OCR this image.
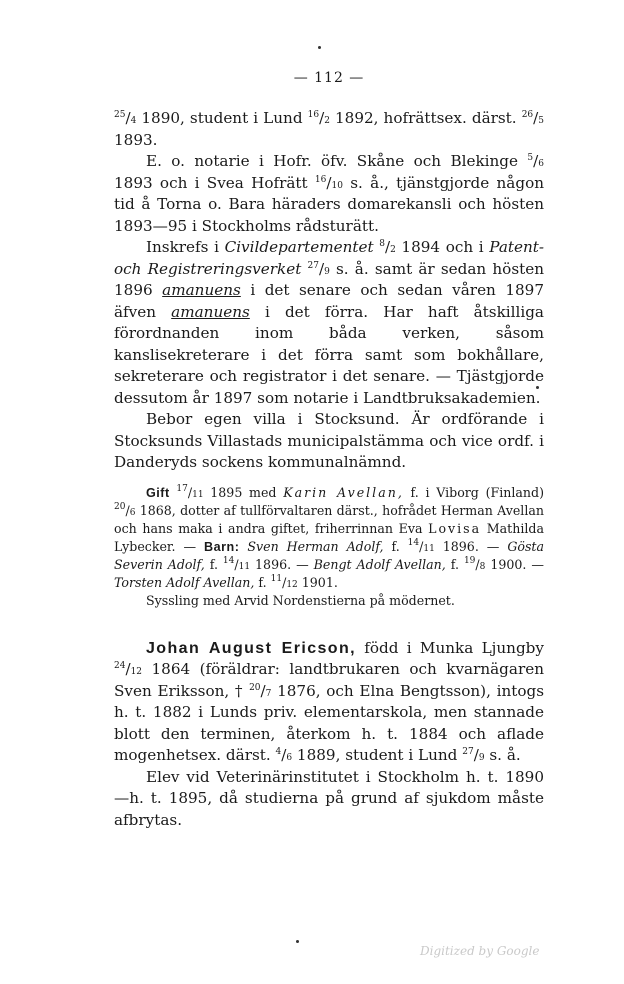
— 112 —

$^{25}$/4 1890, student i Lund $^{16}$/2 1892, hofrättsex. därst. $^{26}$/5 1893.

E. o. notarie i Hofr. öfv. Skåne och Blekinge $^5$/6 1893 och i Svea Hofrätt $^{16}$/10 s. å., tjänstgjorde någon tid å Torna o. Bara häraders domarekansli och hösten 1893—95 i Stockholms rådsturätt.

Inskrefs i Civildepartementet $^8$/2 1894 och i Patent- och Registreringsverket $^{27}$/9 s. å. samt är sedan hösten 1896 amanuens i det senare och sedan våren 1897 äfven amanuens i det förra. Har haft åtskilliga förordnanden inom båda verken, såsom kanslisekreterare i det förra samt som bokhållare, sekreterare och registrator i det senare. — Tjästgjorde dessutom år 1897 som notarie i Landtbruksakademien.

Bebor egen villa i Stocksund. Är ordförande i Stocksunds Villastads municipalstämma och vice ordf. i Danderyds sockens kommunalnämnd.

Gift $^{17}$/11 1895 med Karin Avellan, f. i Viborg (Finland) $^{20}$/6 1868, dotter af tullförvaltaren därst., hofrådet Herman Avellan och hans maka i andra giftet, friherrinnan Eva Lovisa Mathilda Lybecker. — Barn: Sven Herman Adolf, f. $^{14}$/11 1896. — Gösta Severin Adolf, f. $^{14}$/11 1896. — Bengt Adolf Avellan, f. $^{19}$/8 1900. — Torsten Adolf Avellan, f. $^{11}$/12 1901.

Syssling med Arvid Nordenstierna på mödernet.

Johan August Ericson, född i Munka Ljungby $^{24}$/12 1864 (föräldrar: landtbrukaren och kvarnägaren Sven Eriksson, † $^{20}$/7 1876, och Elna Bengtsson), intogs h. t. 1882 i Lunds priv. elementarskola, men stannade blott den terminen, återkom h. t. 1884 och aflade mogenhetsex. därst. $^4$/6 1889, student i Lund $^{27}$/9 s. å.

Elev vid Veterinärinstitutet i Stockholm h. t. 1890 —h. t. 1895, då studierna på grund af sjukdom måste afbrytas.

Digitized by Google
